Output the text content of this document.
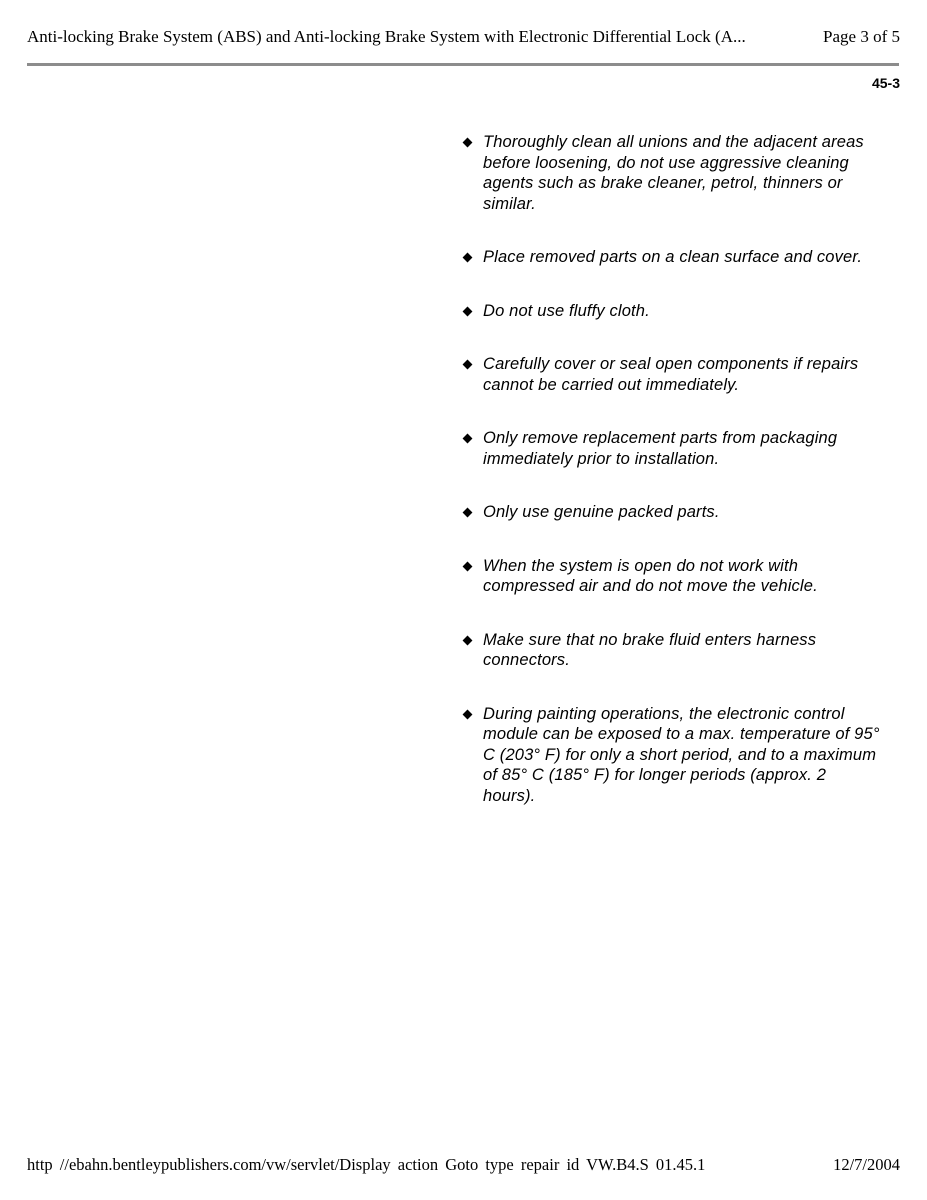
Anti-locking Brake System (ABS) and Anti-locking Brake System with Electronic Differential Lock (A...	Page 3 of 5
45-3
Thoroughly clean all unions and the adjacent areas before loosening, do not use aggressive cleaning agents such as brake cleaner, petrol, thinners or similar.
Place removed parts on a clean surface and cover.
Do not use fluffy cloth.
Carefully cover or seal open components if repairs cannot be carried out immediately.
Only remove replacement parts from packaging immediately prior to installation.
Only use genuine packed parts.
When the system is open do not work with compressed air and do not move the vehicle.
Make sure that no brake fluid enters harness connectors.
During painting operations, the electronic control module can be exposed to a max. temperature of 95° C (203° F) for only a short period, and to a maximum of 85° C (185° F) for longer periods (approx. 2 hours).
http //ebahn.bentleypublishers.com/vw/servlet/Display action Goto type repair id VW.B4.S 01.45.1	12/7/2004
